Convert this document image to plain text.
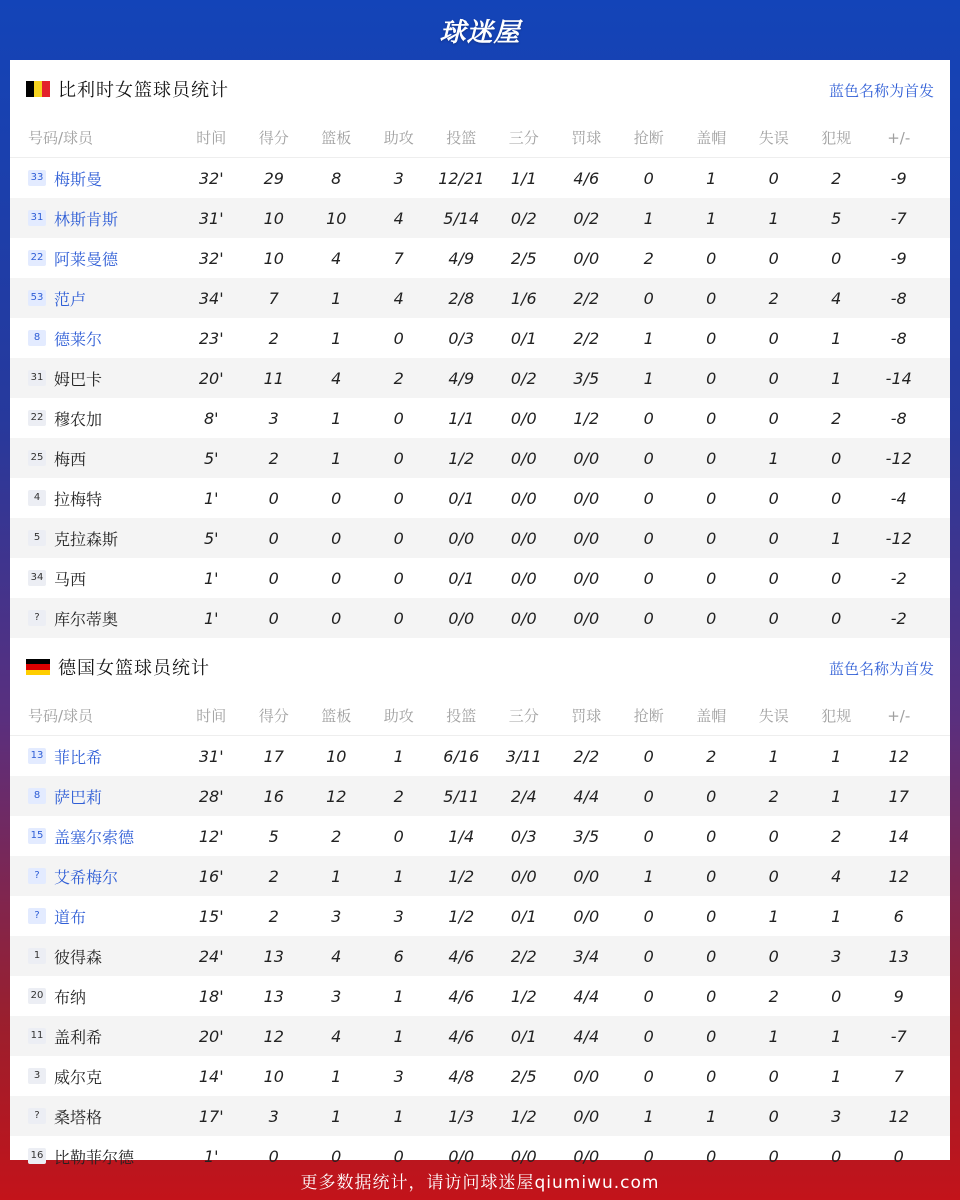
球迷屋
比利时女篮球员统计	蓝色名称为首发
号码/球员	时间	得分	篮板	助攻	投篮	三分	罚球	抢断	盖帽	失误	犯规	+/-
33 梅斯曼	32'	29	8	3	12/21	1/1	4/6	0	1	0	2	-9
31 林斯肯斯	31'	10	10	4	5/14	0/2	0/2	1	1	1	5	-7
22 阿莱曼德	32'	10	4	7	4/9	2/5	0/0	2	0	0	0	-9
53 范卢	34'	7	1	4	2/8	1/6	2/2	0	0	2	4	-8
8 德莱尔	23'	2	1	0	0/3	0/1	2/2	1	0	0	1	-8
31 姆巴卡	20'	11	4	2	4/9	0/2	3/5	1	0	0	1	-14
22 穆农加	8'	3	1	0	1/1	0/0	1/2	0	0	0	2	-8
25 梅西	5'	2	1	0	1/2	0/0	0/0	0	0	1	0	-12
4 拉梅特	1'	0	0	0	0/1	0/0	0/0	0	0	0	0	-4
5 克拉森斯	5'	0	0	0	0/0	0/0	0/0	0	0	0	1	-12
34 马西	1'	0	0	0	0/1	0/0	0/0	0	0	0	0	-2
? 库尔蒂奥	1'	0	0	0	0/0	0/0	0/0	0	0	0	0	-2
德国女篮球员统计	蓝色名称为首发
号码/球员	时间	得分	篮板	助攻	投篮	三分	罚球	抢断	盖帽	失误	犯规	+/-
13 菲比希	31'	17	10	1	6/16	3/11	2/2	0	2	1	1	12
8 萨巴莉	28'	16	12	2	5/11	2/4	4/4	0	0	2	1	17
15 盖塞尔索德	12'	5	2	0	1/4	0/3	3/5	0	0	0	2	14
? 艾希梅尔	16'	2	1	1	1/2	0/0	0/0	1	0	0	4	12
? 道布	15'	2	3	3	1/2	0/1	0/0	0	0	1	1	6
1 彼得森	24'	13	4	6	4/6	2/2	3/4	0	0	0	3	13
20 布纳	18'	13	3	1	4/6	1/2	4/4	0	0	2	0	9
11 盖利希	20'	12	4	1	4/6	0/1	4/4	0	0	1	1	-7
3 威尔克	14'	10	1	3	4/8	2/5	0/0	0	0	0	1	7
? 桑塔格	17'	3	1	1	1/3	1/2	0/0	1	1	0	3	12
16 比勒菲尔德	1'	0	0	0	0/0	0/0	0/0	0	0	0	0	0
更多数据统计，请访问球迷屋qiumiwu.com
